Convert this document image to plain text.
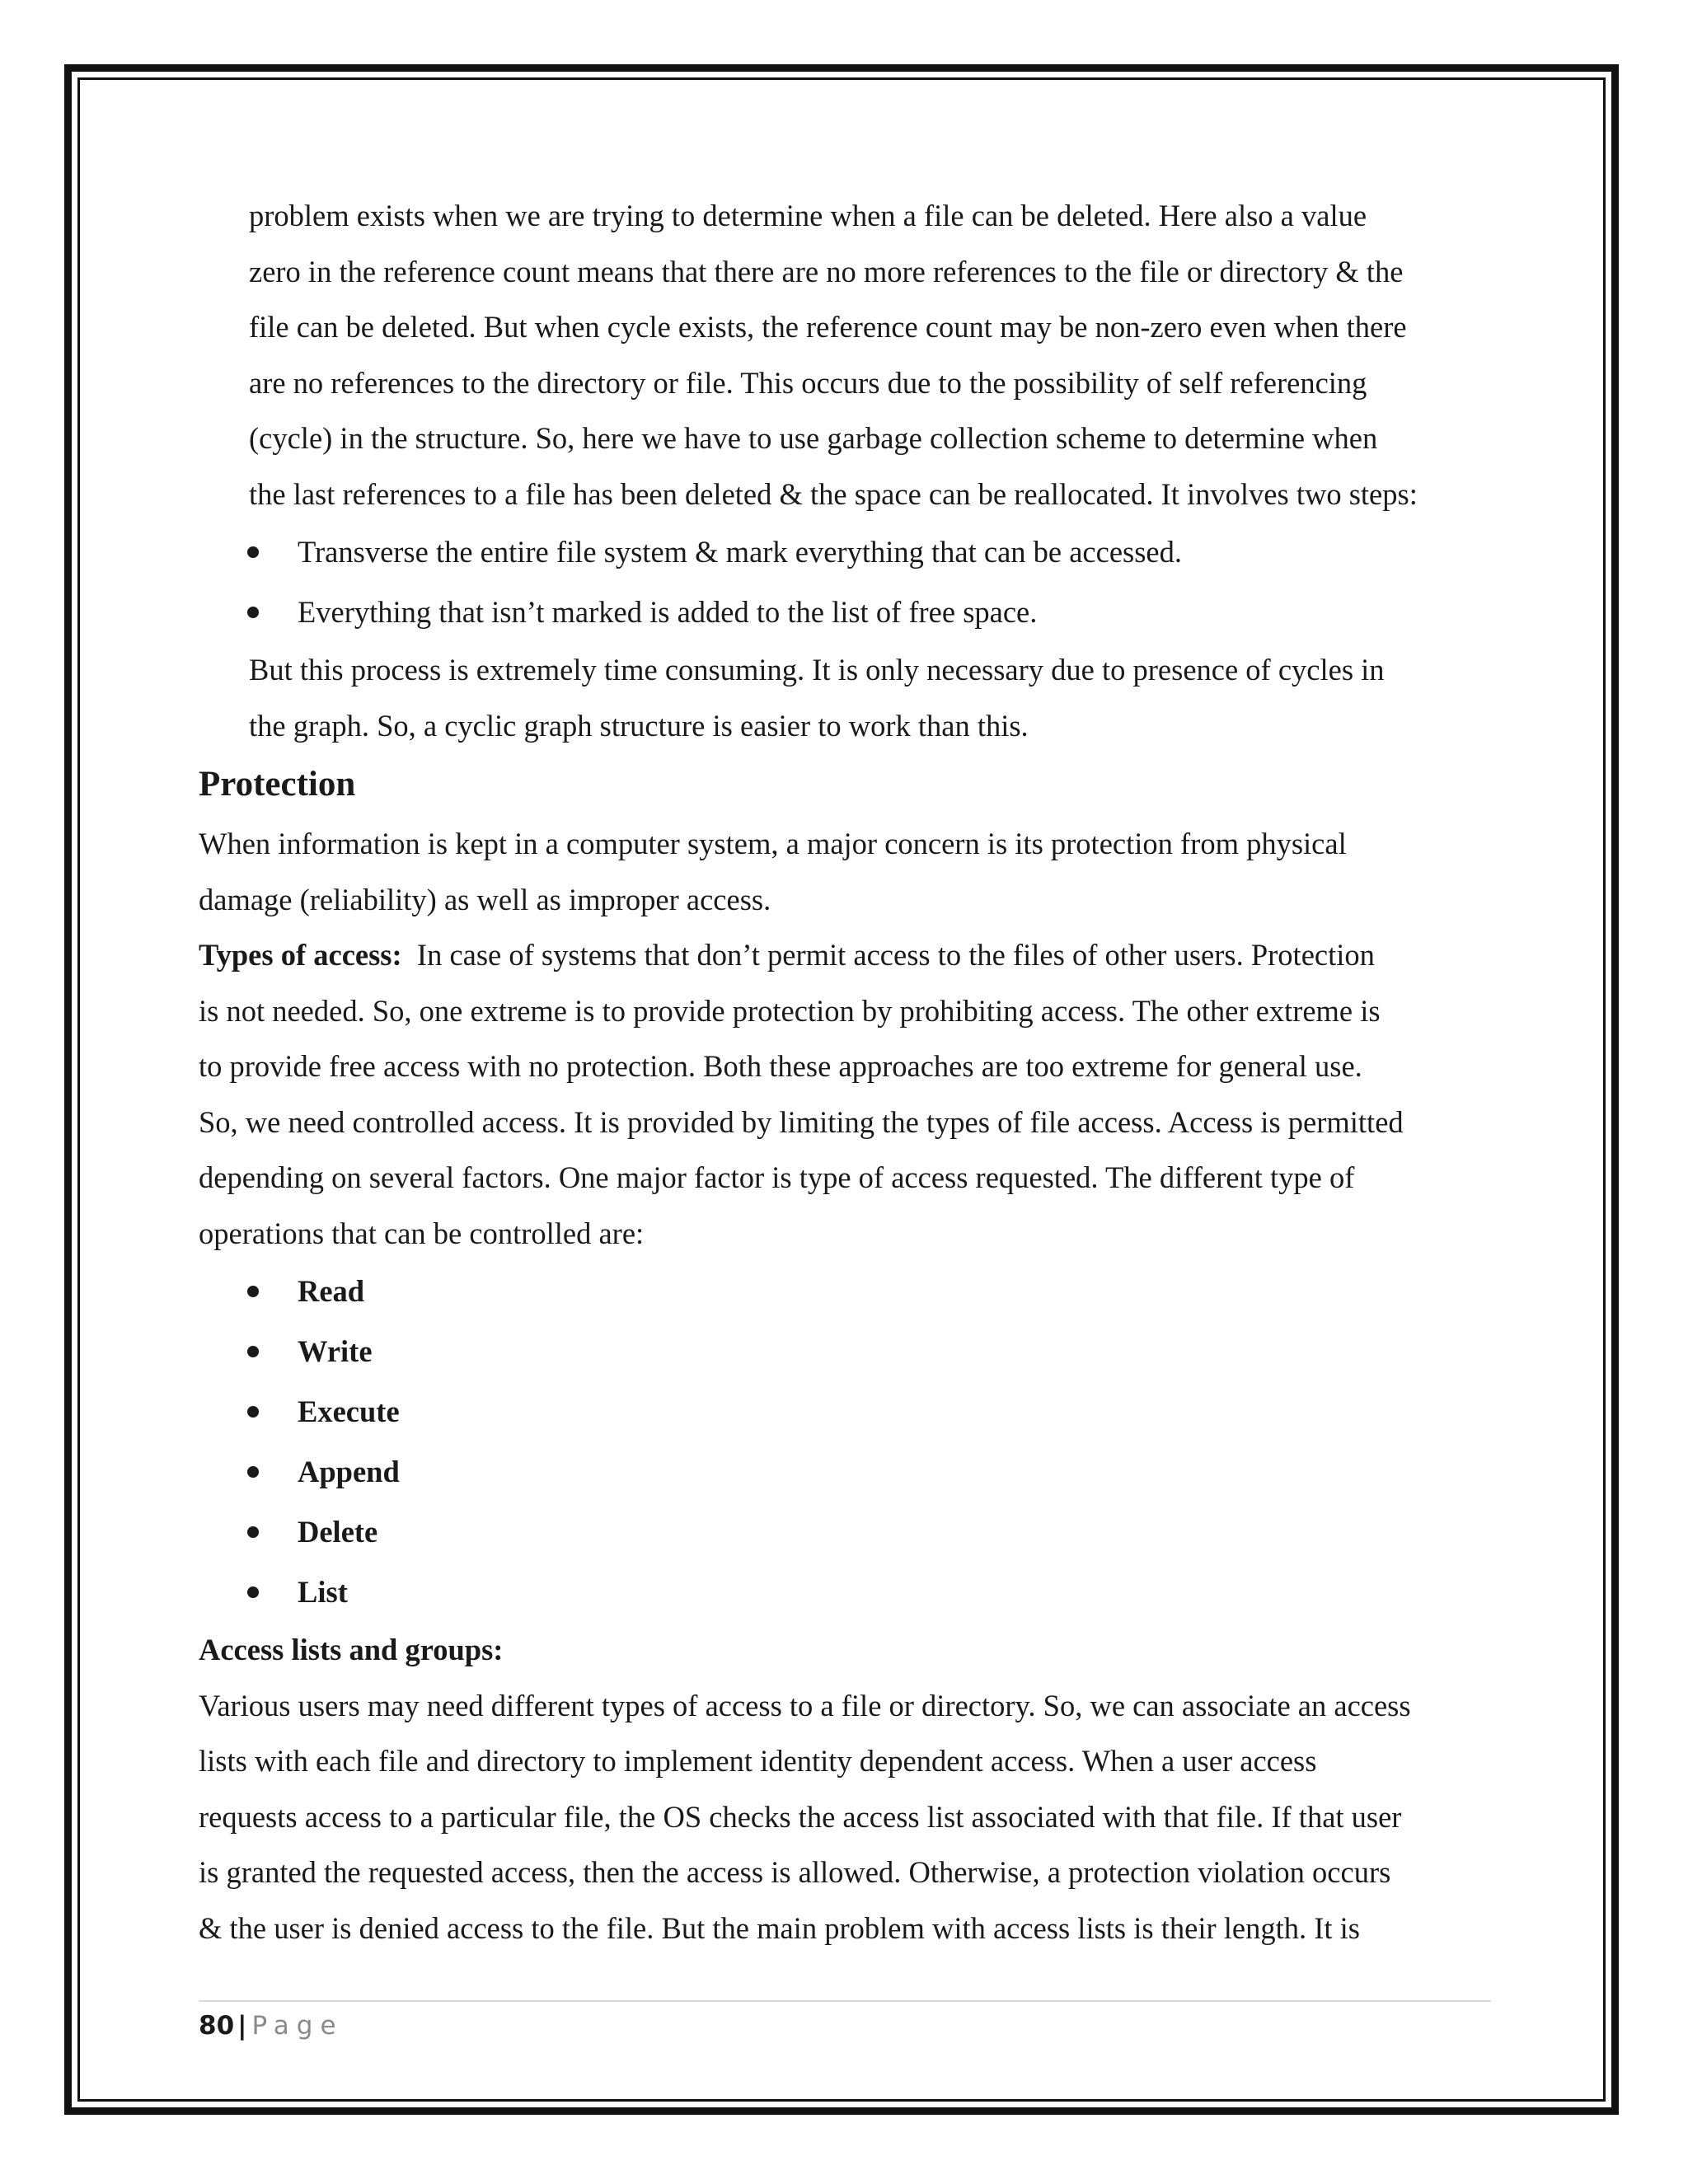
problem exists when we are trying to determine when a file can be deleted. Here also a value
zero in the reference count means that there are no more references to the file or directory & the
file can be deleted. But when cycle exists, the reference count may be non-zero even when there
are no references to the directory or file. This occurs due to the possibility of self referencing
(cycle) in the structure. So, here we have to use garbage collection scheme to determine when
the last references to a file has been deleted & the space can be reallocated. It involves two steps:
Transverse the entire file system & mark everything that can be accessed.
Everything that isn’t marked is added to the list of free space.
But this process is extremely time consuming. It is only necessary due to presence of cycles in
the graph. So, a cyclic graph structure is easier to work than this.
Protection
When information is kept in a computer system, a major concern is its protection from physical
damage (reliability) as well as improper access.
Types of access:  In case of systems that don’t permit access to the files of other users. Protection
is not needed. So, one extreme is to provide protection by prohibiting access. The other extreme is
to provide free access with no protection. Both these approaches are too extreme for general use.
So, we need controlled access. It is provided by limiting the types of file access. Access is permitted
depending on several factors. One major factor is type of access requested. The different type of
operations that can be controlled are:
Read
Write
Execute
Append
Delete
List
Access lists and groups:
Various users may need different types of access to a file or directory. So, we can associate an access
lists with each file and directory to implement identity dependent access. When a user access
requests access to a particular file, the OS checks the access list associated with that file. If that user
is granted the requested access, then the access is allowed. Otherwise, a protection violation occurs
& the user is denied access to the file. But the main problem with access lists is their length. It is
80 | Page
